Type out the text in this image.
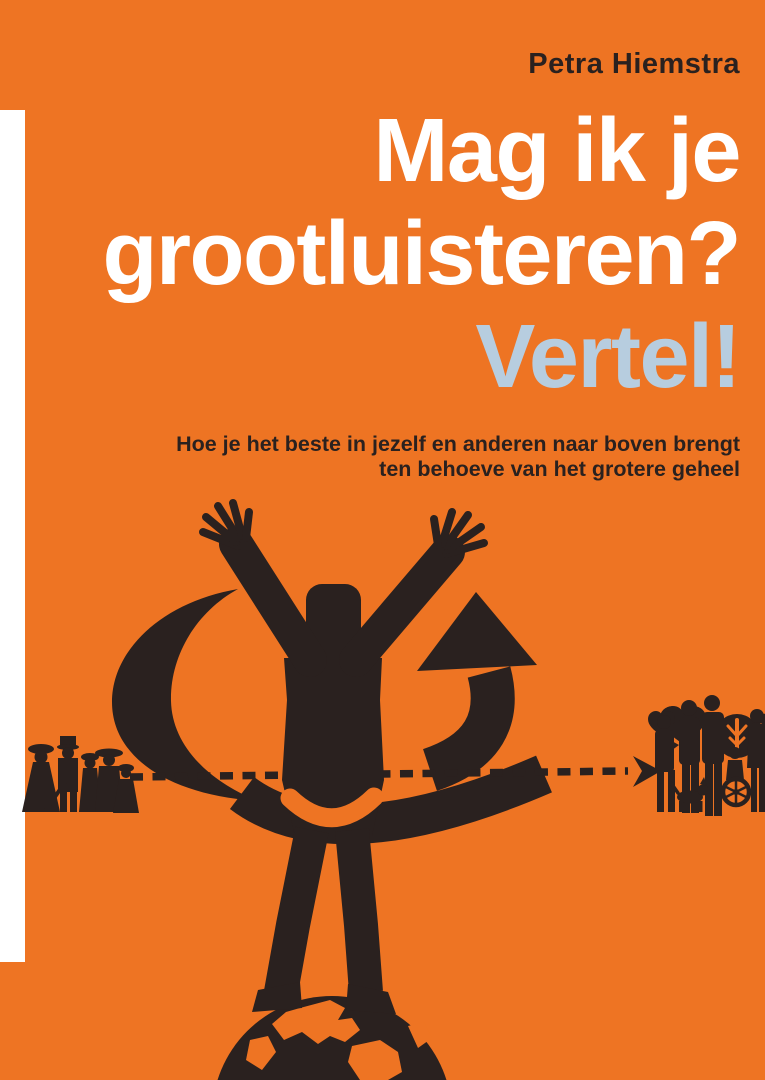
Petra Hiemstra
Mag ik je
grootluisteren?
Vertel!

Hoe je het beste in jezelf en anderen naar boven brengt
ten behoeve van het grotere geheel
